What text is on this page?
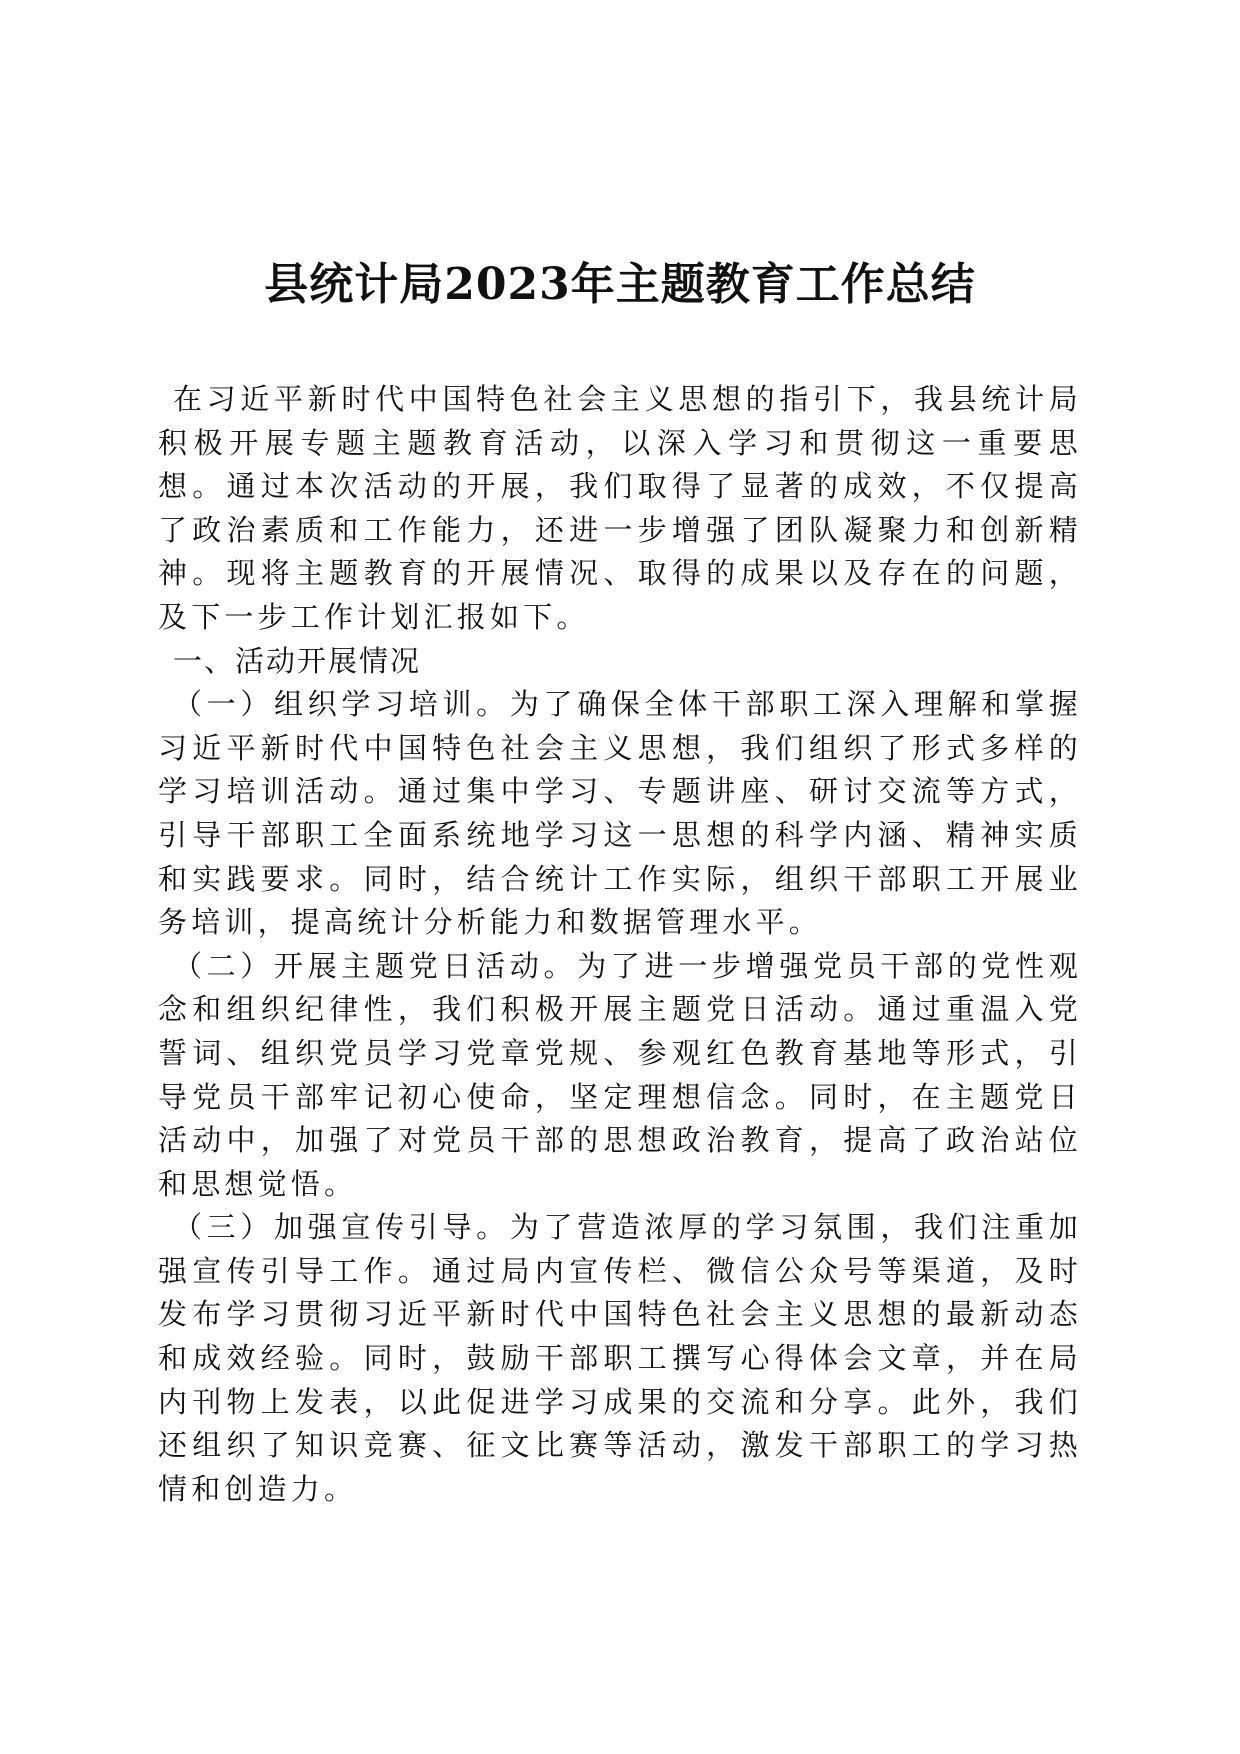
县统计局2023年主题教育工作总结

在习近平新时代中国特色社会主义思想的指引下，我县统计局积极开展专题主题教育活动，以深入学习和贯彻这一重要思想。通过本次活动的开展，我们取得了显著的成效，不仅提高了政治素质和工作能力，还进一步增强了团队凝聚力和创新精神。现将主题教育的开展情况、取得的成果以及存在的问题，及下一步工作计划汇报如下。

一、活动开展情况

（一）组织学习培训。为了确保全体干部职工深入理解和掌握习近平新时代中国特色社会主义思想，我们组织了形式多样的学习培训活动。通过集中学习、专题讲座、研讨交流等方式，引导干部职工全面系统地学习这一思想的科学内涵、精神实质和实践要求。同时，结合统计工作实际，组织干部职工开展业务培训，提高统计分析能力和数据管理水平。

（二）开展主题党日活动。为了进一步增强党员干部的党性观念和组织纪律性，我们积极开展主题党日活动。通过重温入党誓词、组织党员学习党章党规、参观红色教育基地等形式，引导党员干部牢记初心使命，坚定理想信念。同时，在主题党日活动中，加强了对党员干部的思想政治教育，提高了政治站位和思想觉悟。

（三）加强宣传引导。为了营造浓厚的学习氛围，我们注重加强宣传引导工作。通过局内宣传栏、微信公众号等渠道，及时发布学习贯彻习近平新时代中国特色社会主义思想的最新动态和成效经验。同时，鼓励干部职工撰写心得体会文章，并在局内刊物上发表，以此促进学习成果的交流和分享。此外，我们还组织了知识竞赛、征文比赛等活动，激发干部职工的学习热情和创造力。
